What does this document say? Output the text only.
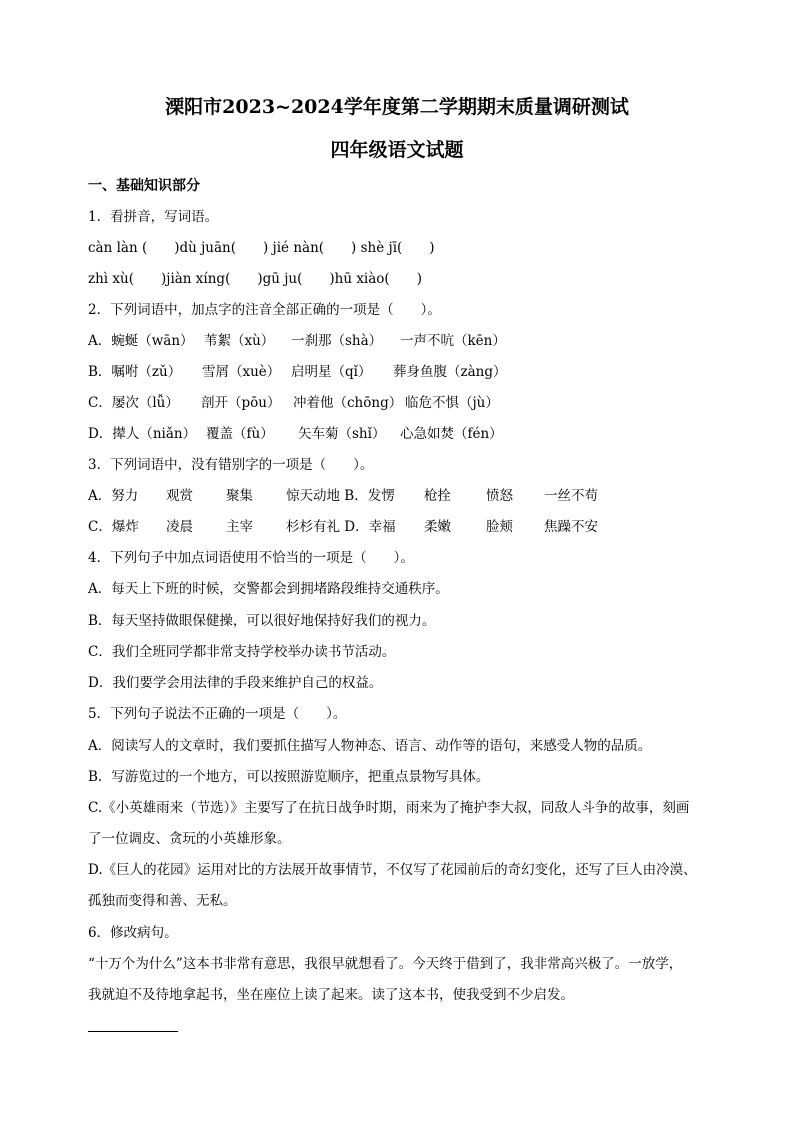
溧阳市2023~2024学年度第二学期期末质量调研测试
四年级语文试题
一、基础知识部分
1．看拼音，写词语。
càn làn (　　)dù juān(　　) jié nàn(　　) shè jī(　　)
zhì xù(　　)jiàn xíng(　　)gū ju(　　)hū xiào(　　)
2．下列词语中，加点字的注音全部正确的一项是（　　）。
A．蜿蜒（wān） 苇絮（xù） 一刹那（shà） 一声不吭（kēn）
B．嘱咐（zǔ） 雪屑（xuè） 启明星（qǐ） 葬身鱼腹（zàng）
C．屡次（lǚ） 剖开（pōu） 冲着他（chōng） 临危不惧（jù）
D．撵人（niǎn） 覆盖（fù） 矢车菊（shǐ） 心急如焚（fén）
3．下列词语中，没有错别字的一项是（　　）。
A．努力 观赏 聚集 惊天动地 B．发愣 枪拴	愤怒 一丝不苟
C．爆炸 凌晨 主宰 杉杉有礼 D．幸福 柔嫩	脸颊 焦躁不安
4．下列句子中加点词语使用不恰当的一项是（　　）。
A．每天上下班的时候，交警都会到拥堵路段维持交通秩序。
B．每天坚持做眼保健操，可以很好地保持好我们的视力。
C．我们全班同学都非常支持学校举办读书节活动。
D．我们要学会用法律的手段来维护自己的权益。
5．下列句子说法不正确的一项是（　　）。
A．阅读写人的文章时，我们要抓住描写人物神态、语言、动作等的语句，来感受人物的品质。
B．写游览过的一个地方，可以按照游览顺序，把重点景物写具体。
C.《小英雄雨来（节选）》主要写了在抗日战争时期，雨来为了掩护李大叔，同敌人斗争的故事，刻画
了一位调皮、贪玩的小英雄形象。
D.《巨人的花园》运用对比的方法展开故事情节，不仅写了花园前后的奇幻变化，还写了巨人由冷漠、
孤独而变得和善、无私。
6．修改病句。
“十万个为什么”这本书非常有意思，我很早就想看了。今天终于借到了，我非常高兴极了。一放学，
我就迫不及待地拿起书，坐在座位上读了起来。读了这本书，使我受到不少启发。
